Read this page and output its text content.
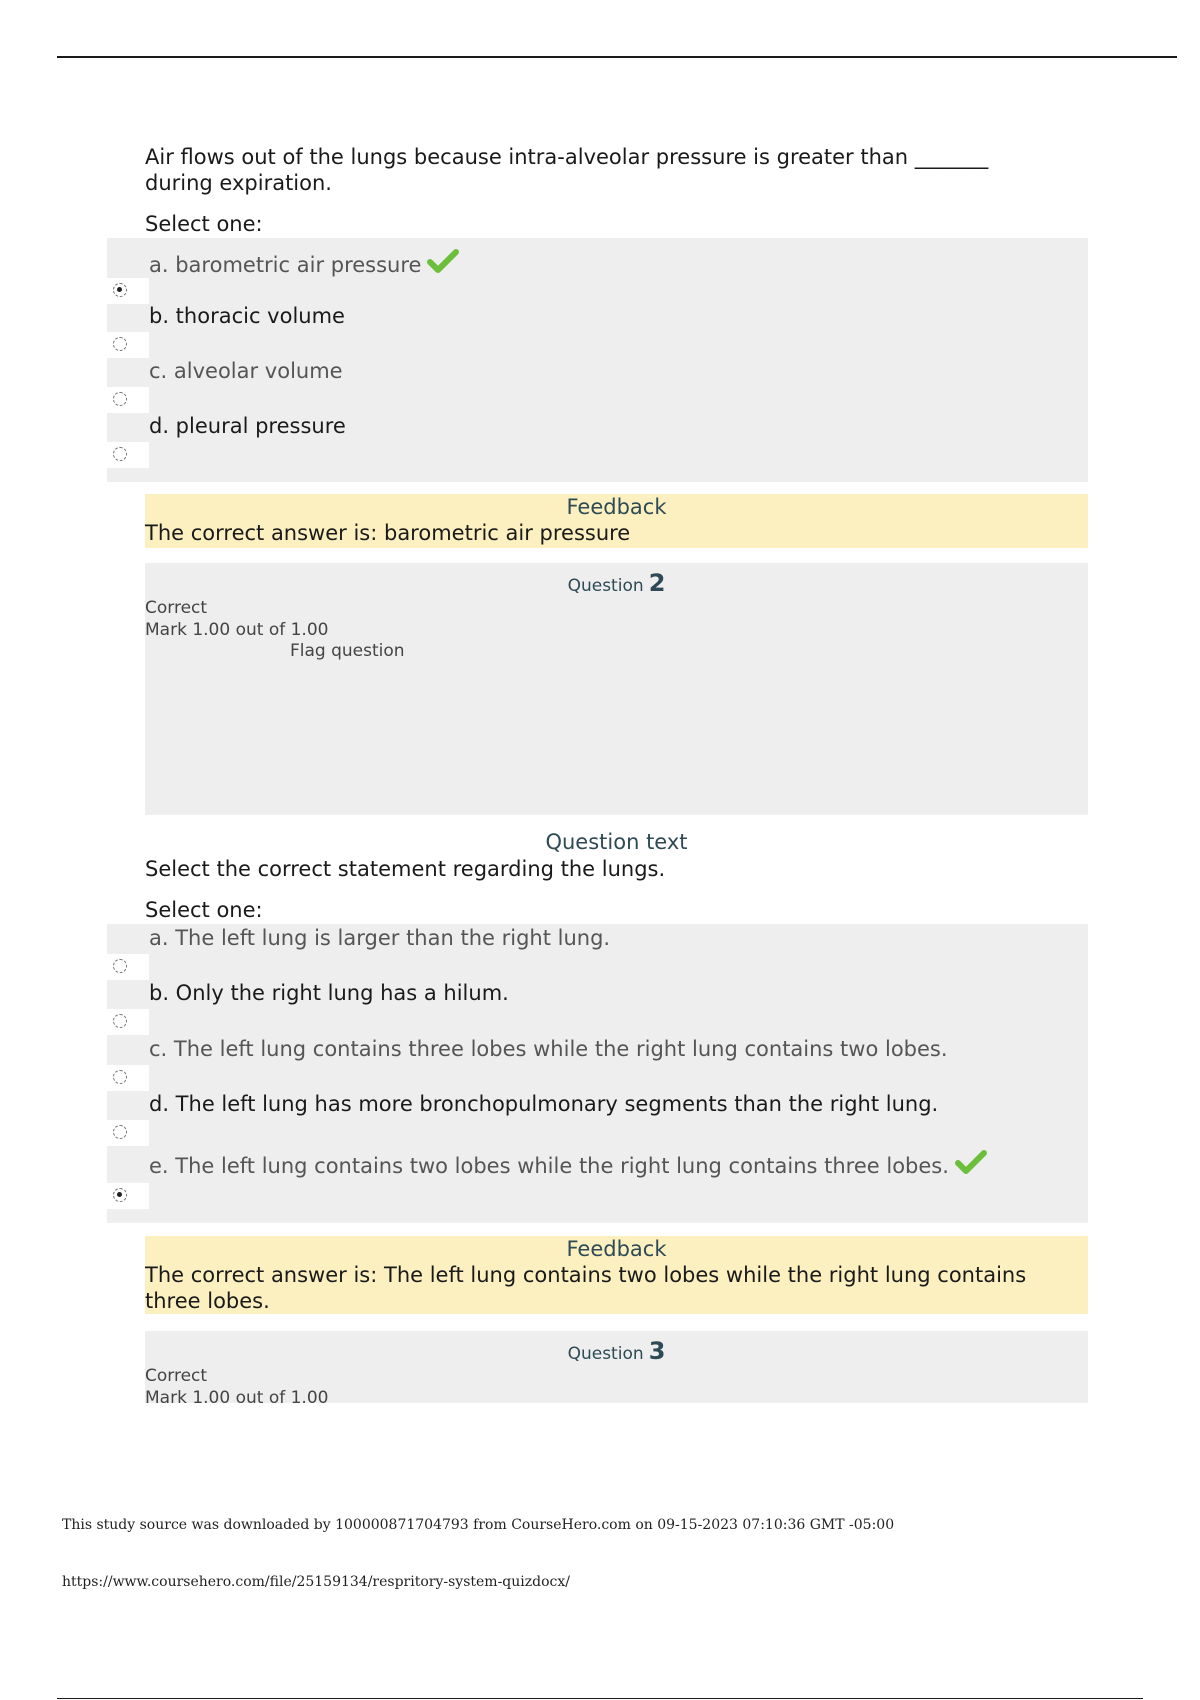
Air flows out of the lungs because intra-alveolar pressure is greater than _______ during expiration.
Select one:
a. barometric air pressure
b. thoracic volume
c. alveolar volume
d. pleural pressure
Feedback
The correct answer is: barometric air pressure
Question 2
Correct
Mark 1.00 out of 1.00
Flag question
Question text
Select the correct statement regarding the lungs.
Select one:
a. The left lung is larger than the right lung.
b. Only the right lung has a hilum.
c. The left lung contains three lobes while the right lung contains two lobes.
d. The left lung has more bronchopulmonary segments than the right lung.
e. The left lung contains two lobes while the right lung contains three lobes.
Feedback
The correct answer is: The left lung contains two lobes while the right lung contains three lobes.
Question 3
Correct
Mark 1.00 out of 1.00
This study source was downloaded by 100000871704793 from CourseHero.com on 09-15-2023 07:10:36 GMT -05:00
https://www.coursehero.com/file/25159134/respritory-system-quizdocx/
